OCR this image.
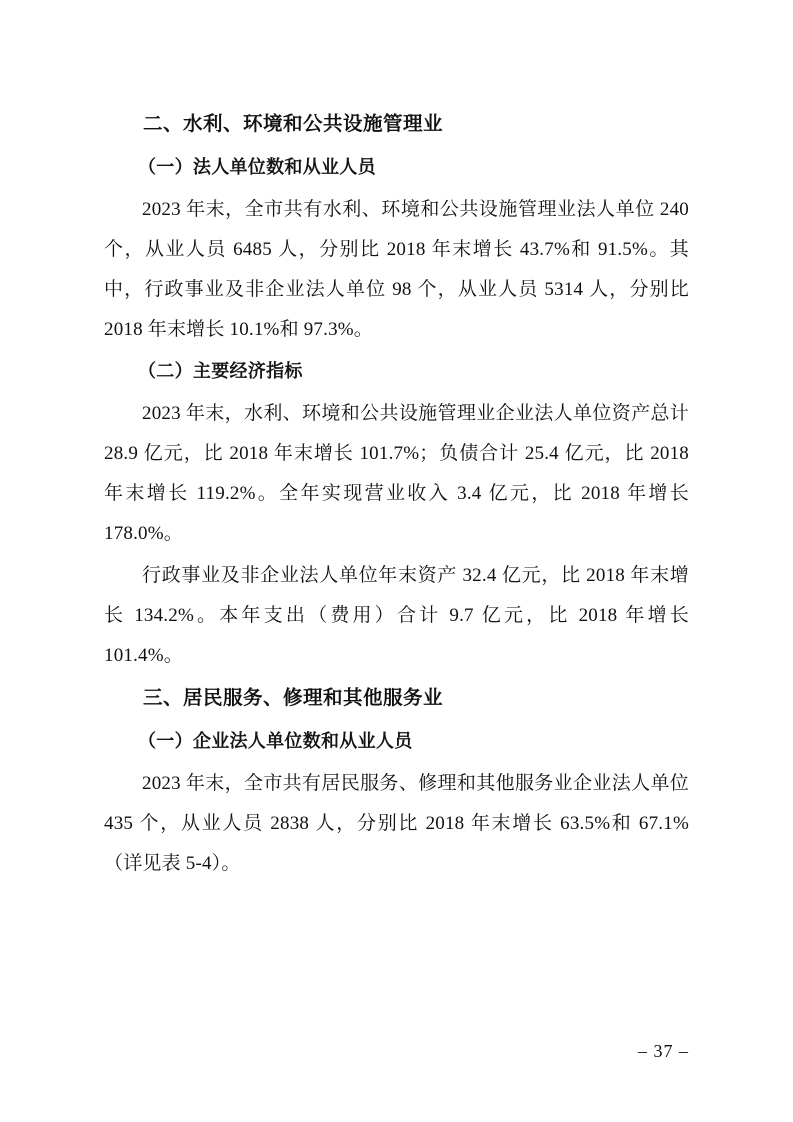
二、水利、环境和公共设施管理业
（一）法人单位数和从业人员

2023 年末，全市共有水利、环境和公共设施管理业法人单位 240 个，从业人员 6485 人，分别比 2018 年末增长 43.7%和 91.5%。其中，行政事业及非企业法人单位 98 个，从业人员 5314 人，分别比 2018 年末增长 10.1%和 97.3%。

（二）主要经济指标

2023 年末，水利、环境和公共设施管理业企业法人单位资产总计 28.9 亿元，比 2018 年末增长 101.7%；负债合计 25.4 亿元，比 2018 年末增长 119.2%。全年实现营业收入 3.4 亿元，比 2018 年增长 178.0%。

行政事业及非企业法人单位年末资产 32.4 亿元，比 2018 年末增长 134.2%。本年支出（费用）合计 9.7 亿元，比 2018 年增长 101.4%。

三、居民服务、修理和其他服务业
（一）企业法人单位数和从业人员

2023 年末，全市共有居民服务、修理和其他服务业企业法人单位 435 个，从业人员 2838 人，分别比 2018 年末增长 63.5%和 67.1%（详见表 5-4）。

– 37 –
